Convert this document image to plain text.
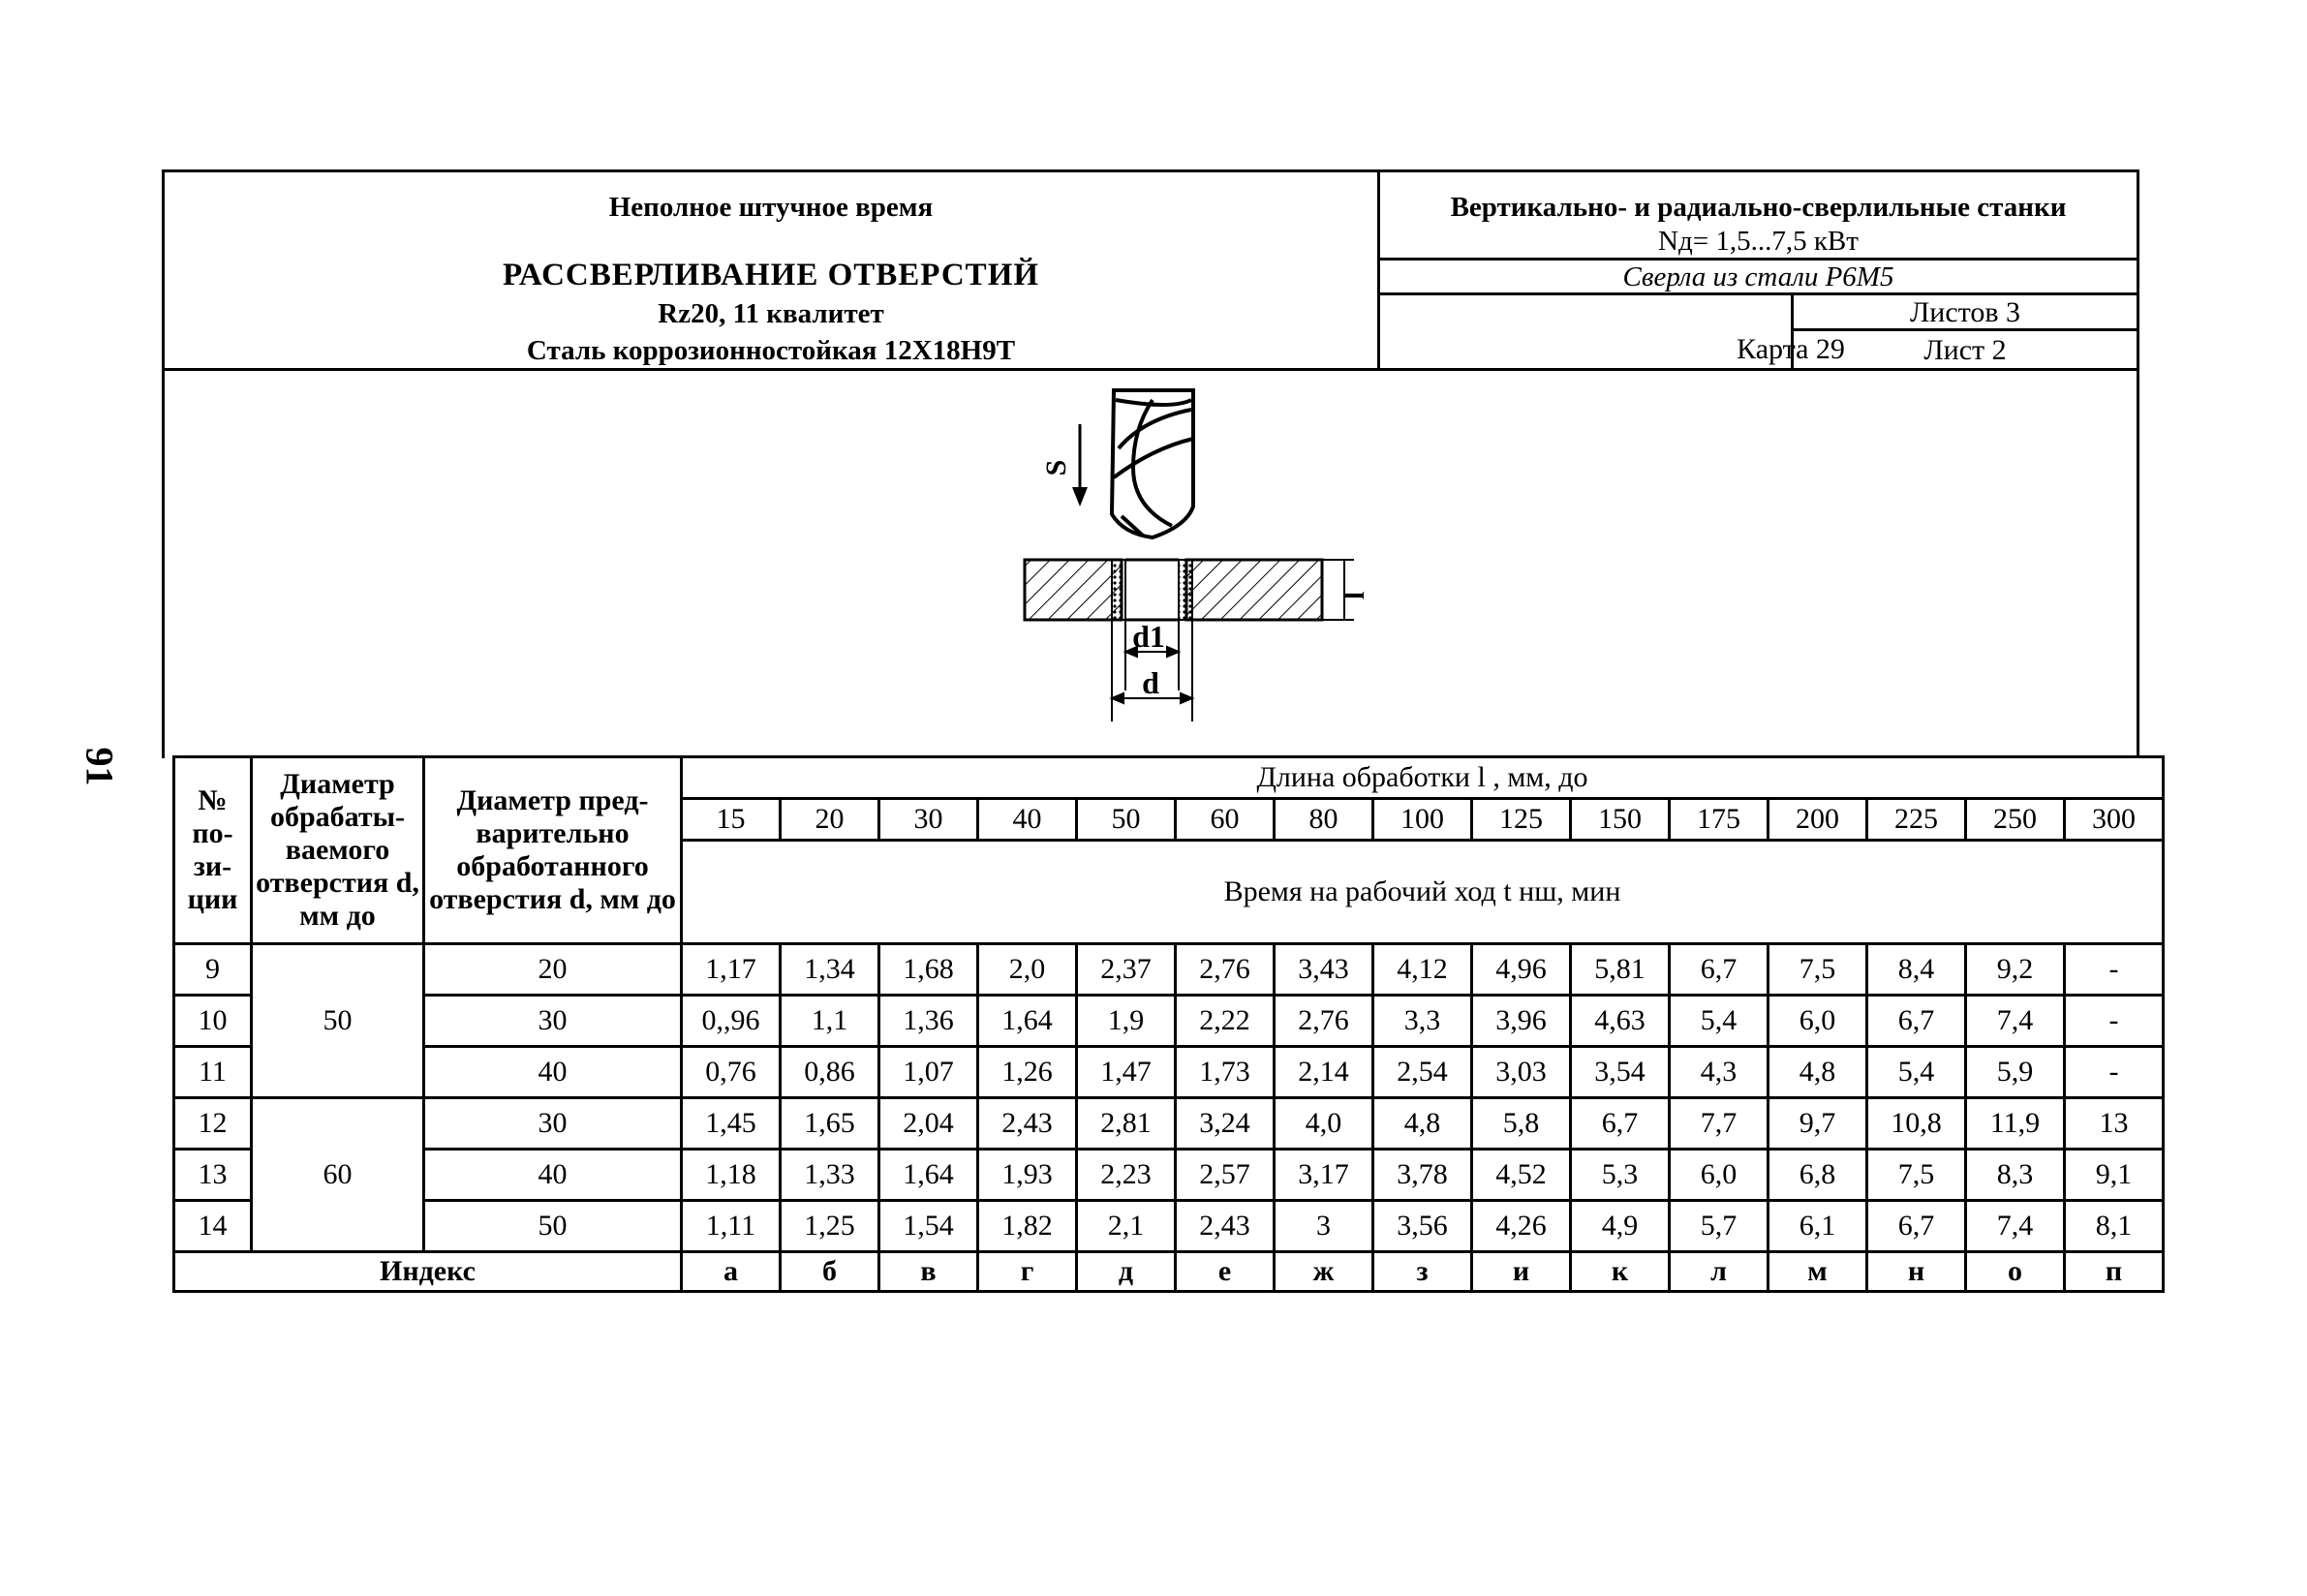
91
Неполное штучное время
РАССВЕРЛИВАНИЕ ОТВЕРСТИЙ
Rz20, 11 квалитет
Сталь коррозионностойкая 12Х18Н9Т
Вертикально- и радиально-сверлильные станки
Nд= 1,5...7,5 кВт
Сверла из стали Р6М5
Карта 29
Листов 3
Лист 2
S
l
d1
d
№ по- зи- ции	Диаметр обрабаты- ваемого отверстия d, мм до	Диаметр пред- варительно обработанного отверстия d, мм до	Длина обработки l , мм, до														
			15	20	30	40	50	60	80	100	125	150	175	200	225	250	300
			Время на рабочий ход t нш, мин														
9	50	20	1,17	1,34	1,68	2,0	2,37	2,76	3,43	4,12	4,96	5,81	6,7	7,5	8,4	9,2	-
10		30	0,,96	1,1	1,36	1,64	1,9	2,22	2,76	3,3	3,96	4,63	5,4	6,0	6,7	7,4	-
11		40	0,76	0,86	1,07	1,26	1,47	1,73	2,14	2,54	3,03	3,54	4,3	4,8	5,4	5,9	-
12	60	30	1,45	1,65	2,04	2,43	2,81	3,24	4,0	4,8	5,8	6,7	7,7	9,7	10,8	11,9	13
13		40	1,18	1,33	1,64	1,93	2,23	2,57	3,17	3,78	4,52	5,3	6,0	6,8	7,5	8,3	9,1
14		50	1,11	1,25	1,54	1,82	2,1	2,43	3	3,56	4,26	4,9	5,7	6,1	6,7	7,4	8,1
Индекс			а	б	в	г	д	е	ж	з	и	к	л	м	н	о	п
